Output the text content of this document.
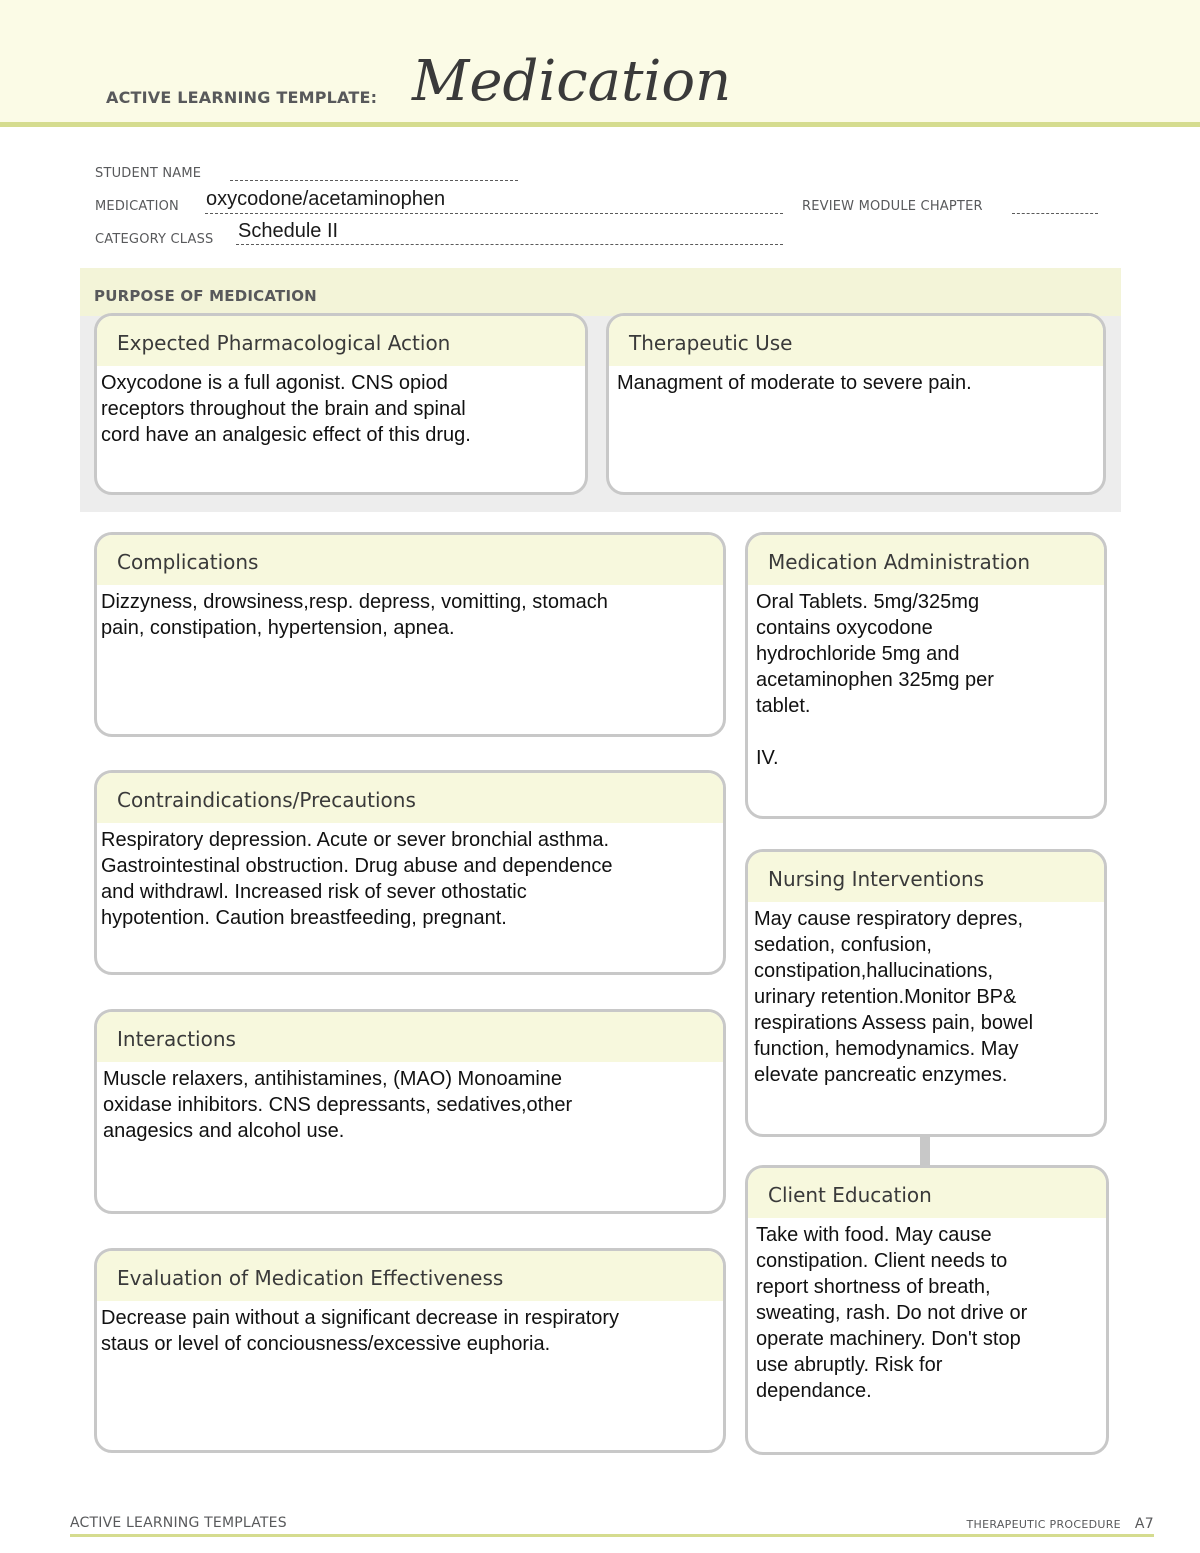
ACTIVE LEARNING TEMPLATE: Medication
STUDENT NAME
MEDICATION oxycodone/acetaminophen	REVIEW MODULE CHAPTER
CATEGORY CLASS Schedule II
PURPOSE OF MEDICATION
Expected Pharmacological Action
Oxycodone is a full agonist. CNS opiod
receptors throughout the brain and spinal
cord have an analgesic effect of this drug.
Therapeutic Use
Managment of moderate to severe pain.
Complications
Dizzyness, drowsiness,resp. depress, vomitting, stomach
pain, constipation, hypertension, apnea.
Contraindications/Precautions
Respiratory depression. Acute or sever bronchial asthma.
Gastrointestinal obstruction. Drug abuse and dependence
and withdrawl. Increased risk of sever othostatic
hypotention. Caution breastfeeding, pregnant.
Interactions
Muscle relaxers, antihistamines, (MAO) Monoamine
oxidase inhibitors. CNS depressants, sedatives,other
anagesics and alcohol use.
Evaluation of Medication Effectiveness
Decrease pain without a significant decrease in respiratory
staus or level of conciousness/excessive euphoria.
Medication Administration
Oral Tablets. 5mg/325mg
contains oxycodone
hydrochloride 5mg and
acetaminophen 325mg per
tablet.

IV.
Nursing Interventions
May cause respiratory depres,
sedation, confusion,
constipation,hallucinations,
urinary retention.Monitor BP&
respirations Assess pain, bowel
function, hemodynamics. May
elevate pancreatic enzymes.
Client Education
Take with food. May cause
constipation. Client needs to
report shortness of breath,
sweating, rash. Do not drive or
operate machinery. Don't stop
use abruptly. Risk for
dependance.
ACTIVE LEARNING TEMPLATES	THERAPEUTIC PROCEDURE A7
